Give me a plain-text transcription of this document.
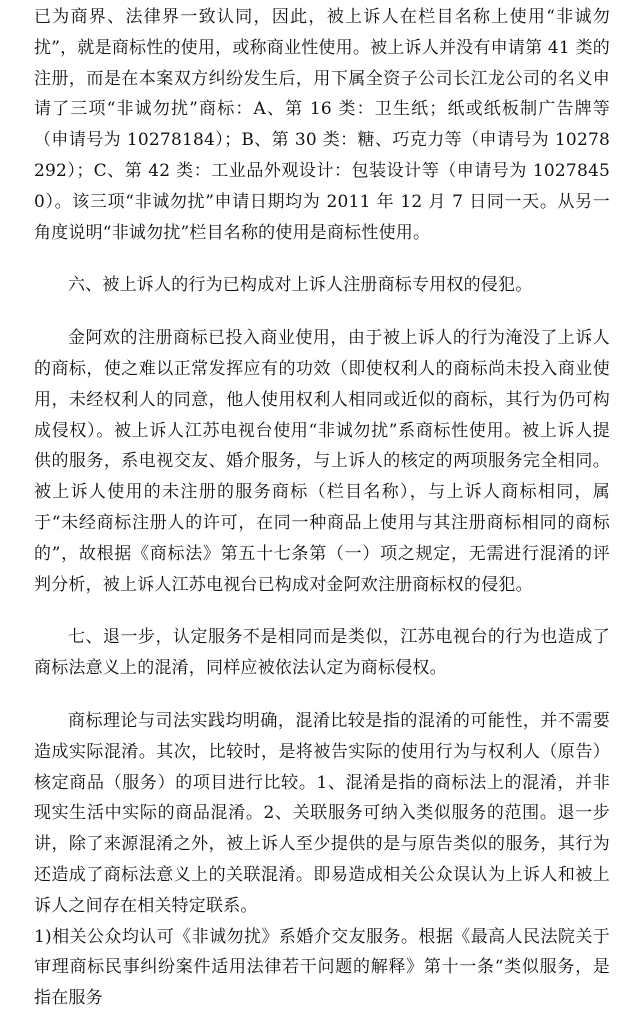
已为商界、法律界一致认同，因此，被上诉人在栏目名称上使用“非诚勿扰”，就是商标性的使用，或称商业性使用。被上诉人并没有申请第 41 类的注册，而是在本案双方纠纷发生后，用下属全资子公司长江龙公司的名义申请了三项“非诚勿扰”商标：A、第 16 类：卫生纸；纸或纸板制广告牌等（申请号为 10278184）；B、第 30 类：糖、巧克力等（申请号为 10278292）；C、第 42 类：工业品外观设计：包装设计等（申请号为 10278450）。该三项“非诚勿扰”申请日期均为 2011 年 12 月 7 日同一天。从另一角度说明“非诚勿扰”栏目名称的使用是商标性使用。

六、被上诉人的行为已构成对上诉人注册商标专用权的侵犯。

金阿欢的注册商标已投入商业使用，由于被上诉人的行为淹没了上诉人的商标，使之难以正常发挥应有的功效（即使权利人的商标尚未投入商业使用，未经权利人的同意，他人使用权利人相同或近似的商标，其行为仍可构成侵权）。被上诉人江苏电视台使用“非诚勿扰”系商标性使用。被上诉人提供的服务，系电视交友、婚介服务，与上诉人的核定的两项服务完全相同。被上诉人使用的未注册的服务商标（栏目名称），与上诉人商标相同，属于“未经商标注册人的许可，在同一种商品上使用与其注册商标相同的商标的”，故根据《商标法》第五十七条第（一）项之规定，无需进行混淆的评判分析，被上诉人江苏电视台已构成对金阿欢注册商标权的侵犯。

七、退一步，认定服务不是相同而是类似，江苏电视台的行为也造成了商标法意义上的混淆，同样应被依法认定为商标侵权。

商标理论与司法实践均明确，混淆比较是指的混淆的可能性，并不需要造成实际混淆。其次，比较时，是将被告实际的使用行为与权利人（原告）核定商品（服务）的项目进行比较。1、混淆是指的商标法上的混淆，并非现实生活中实际的商品混淆。2、关联服务可纳入类似服务的范围。退一步讲，除了来源混淆之外，被上诉人至少提供的是与原告类似的服务，其行为还造成了商标法意义上的关联混淆。即易造成相关公众误认为上诉人和被上诉人之间存在相关特定联系。

1)相关公众均认可《非诚勿扰》系婚介交友服务。根据《最高人民法院关于审理商标民事纠纷案件适用法律若干问题的解释》第十一条“类似服务，是指在服务
